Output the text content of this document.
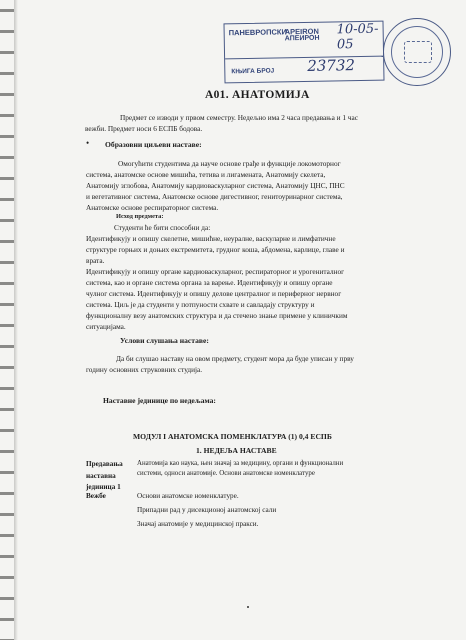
ПАНЕВРОПСКИ
APEIRON
АПЕИРОН
10-05-05
КЊИГА БРОЈ 23732
А01. АНАТОМИЈА
Предмет се изводи у првом семестру. Недељно има 2 часа предавања и 1 час
вежби. Предмет носи 6 ЕСПБ бодова.
• Образовни циљеви наставе:
Омогућити студентима да науче основе грађе и функције локомоторног
система, анатомске основе мишића, тетива и лигамената, Анатомију скелета,
Анатомију зглобова, Анатомију кардиоваскуларног система, Анатомију ЦНС, ПНС
и вегетативног система, Анатомске основе дигестивног, генитоуринарног система,
Анатомске основе респираторног система.
Исход предмета:
Студенти ће бити способни да:
Идентификују и опишу скелетне, мишићне, неуралне, васкуларне и лимфатичне
структуре горњих и доњих екстремитета, грудног коша, абдомена, карлице, главе и
врата.
Идентификују и опишу органе кардиоваскуларног, респираторног и урогениталног
система, као и органе система органа за варење. Идентификују и опишу органе
чулног система. Идентификују и опишу делове централног и периферног нервног
система. Циљ је да студенти у потпуности схвате и савладају структуру и
функционалну везу анатомских структура и да стечено знање примене у клиничким
ситуацијама.
Услови слушања наставе:
Да би слушао наставу на овом предмету, студент мора да буде уписан у прву
годину основних струковних студија.
Наставне јединице по недељама:
МОДУЛ I АНАТОМСКА ПОМЕНКЛАТУРА (1) 0,4 ЕСПБ
1. НЕДЕЉА НАСТАВЕ
Предавања
наставна
јединица 1
Анатомија као наука, њен значај за медицину, органи и функционални
системи, односи анатомије. Основи анатомске номенклатуре
Вежбе	Основи анатомске номенклатуре.
Припадни рад у дисекционој анатомској сали
Значај анатомије у медицинској пракси.
